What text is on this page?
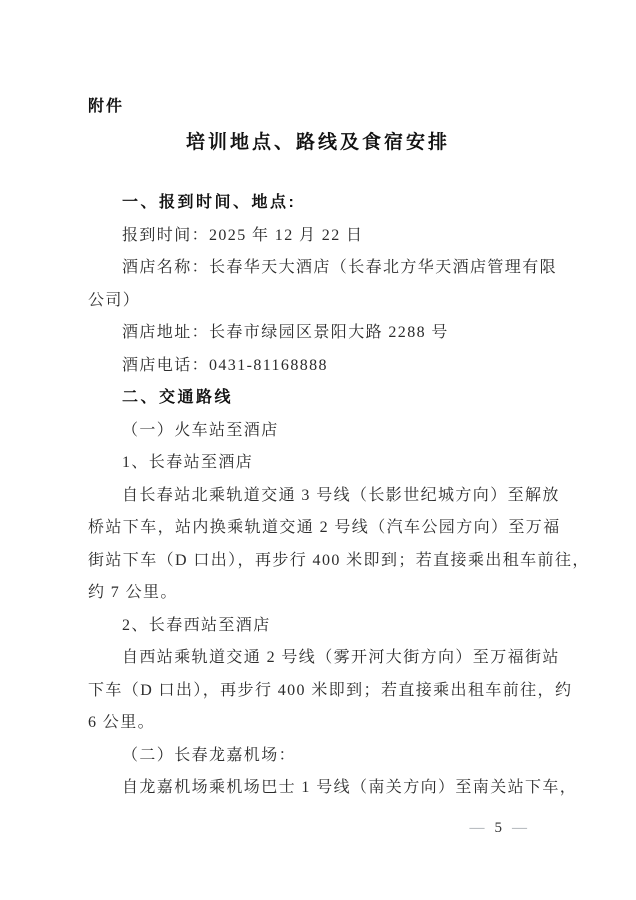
附件
培训地点、路线及食宿安排
一、报到时间、地点:
报到时间：2025 年 12 月 22 日
酒店名称：长春华天大酒店（长春北方华天酒店管理有限
公司）
酒店地址：长春市绿园区景阳大路 2288 号
酒店电话：0431-81168888
二、交通路线
（一）火车站至酒店
1、长春站至酒店
自长春站北乘轨道交通 3 号线（长影世纪城方向）至解放
桥站下车，站内换乘轨道交通 2 号线（汽车公园方向）至万福
街站下车（D 口出），再步行 400 米即到；若直接乘出租车前往，
约 7 公里。
2、长春西站至酒店
自西站乘轨道交通 2 号线（雾开河大街方向）至万福街站
下车（D 口出），再步行 400 米即到；若直接乘出租车前往，约
6 公里。
（二）长春龙嘉机场：
自龙嘉机场乘机场巴士 1 号线（南关方向）至南关站下车，
— 5 —
